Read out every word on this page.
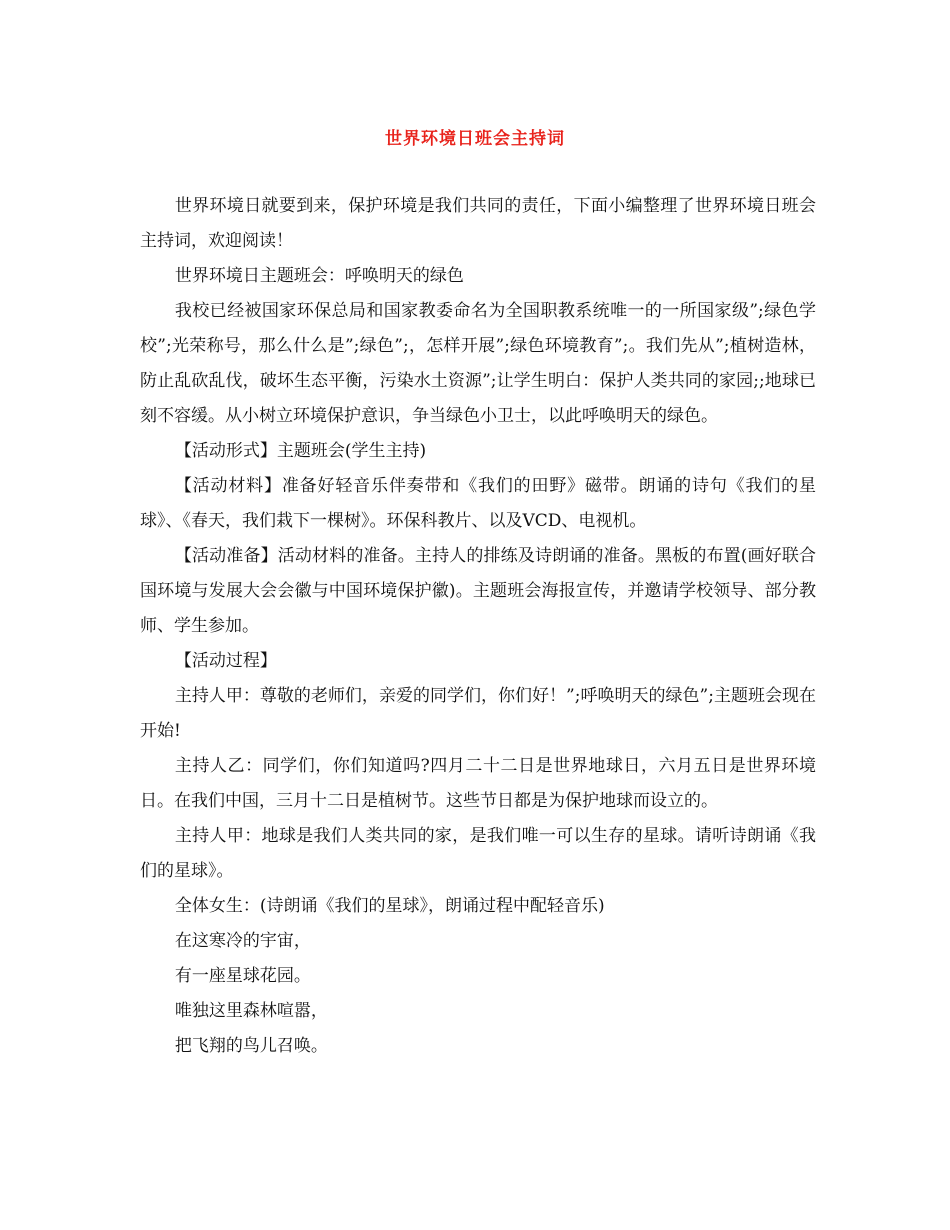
世界环境日班会主持词

世界环境日就要到来，保护环境是我们共同的责任，下面小编整理了世界环境日班会主持词，欢迎阅读！

世界环境日主题班会：呼唤明天的绿色

我校已经被国家环保总局和国家教委命名为全国职教系统唯一的一所国家级”;绿色学校”;光荣称号，那么什么是”;绿色”;，怎样开展”;绿色环境教育”;。我们先从”;植树造林，防止乱砍乱伐，破坏生态平衡，污染水土资源”;让学生明白：保护人类共同的家园;;地球已刻不容缓。从小树立环境保护意识，争当绿色小卫士，以此呼唤明天的绿色。

【活动形式】主题班会(学生主持)

【活动材料】准备好轻音乐伴奏带和《我们的田野》磁带。朗诵的诗句《我们的星球》、《春天，我们栽下一棵树》。环保科教片、以及VCD、电视机。

【活动准备】活动材料的准备。主持人的排练及诗朗诵的准备。黑板的布置(画好联合国环境与发展大会会徽与中国环境保护徽)。主题班会海报宣传，并邀请学校领导、部分教师、学生参加。

【活动过程】

主持人甲：尊敬的老师们，亲爱的同学们，你们好！”;呼唤明天的绿色”;主题班会现在开始!

主持人乙：同学们，你们知道吗?四月二十二日是世界地球日，六月五日是世界环境日。在我们中国，三月十二日是植树节。这些节日都是为保护地球而设立的。

主持人甲：地球是我们人类共同的家，是我们唯一可以生存的星球。请听诗朗诵《我们的星球》。

全体女生：(诗朗诵《我们的星球》，朗诵过程中配轻音乐)

在这寒冷的宇宙，

有一座星球花园。

唯独这里森林喧嚣，

把飞翔的鸟儿召唤。
